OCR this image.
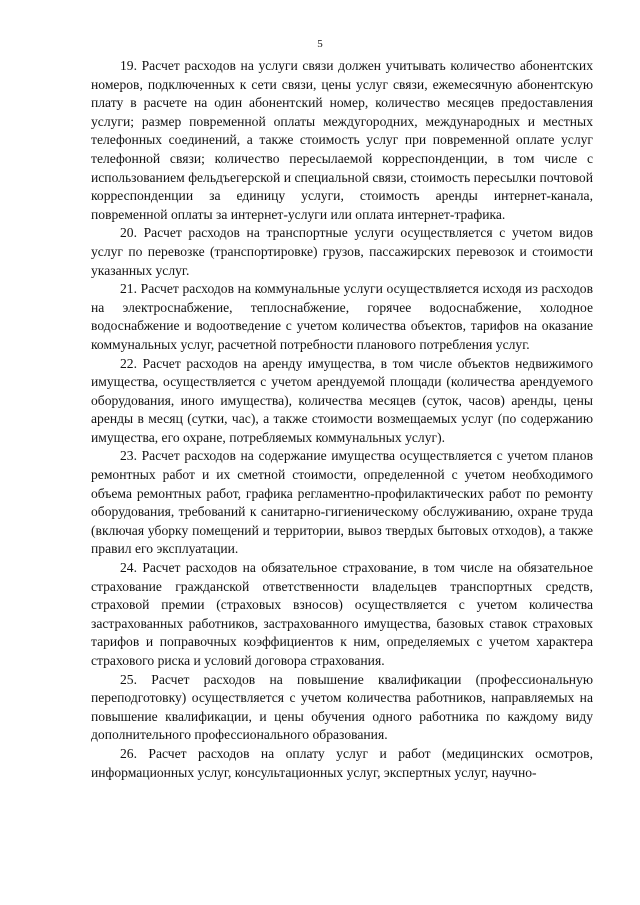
5

19. Расчет расходов на услуги связи должен учитывать количество абонентских номеров, подключенных к сети связи, цены услуг связи, ежемесячную абонентскую плату в расчете на один абонентский номер, количество месяцев предоставления услуги; размер повременной оплаты междугородних, международных и местных телефонных соединений, а также стоимость услуг при повременной оплате услуг телефонной связи; количество пересылаемой корреспонденции, в том числе с использованием фельдъегерской и специальной связи, стоимость пересылки почтовой корреспонденции за единицу услуги, стоимость аренды интернет-канала, повременной оплаты за интернет-услуги или оплата интернет-трафика.

20. Расчет расходов на транспортные услуги осуществляется с учетом видов услуг по перевозке (транспортировке) грузов, пассажирских перевозок и стоимости указанных услуг.

21. Расчет расходов на коммунальные услуги осуществляется исходя из расходов на электроснабжение, теплоснабжение, горячее водоснабжение, холодное водоснабжение и водоотведение с учетом количества объектов, тарифов на оказание коммунальных услуг, расчетной потребности планового потребления услуг.

22. Расчет расходов на аренду имущества, в том числе объектов недвижимого имущества, осуществляется с учетом арендуемой площади (количества арендуемого оборудования, иного имущества), количества месяцев (суток, часов) аренды, цены аренды в месяц (сутки, час), а также стоимости возмещаемых услуг (по содержанию имущества, его охране, потребляемых коммунальных услуг).

23. Расчет расходов на содержание имущества осуществляется с учетом планов ремонтных работ и их сметной стоимости, определенной с учетом необходимого объема ремонтных работ, графика регламентно-профилактических работ по ремонту оборудования, требований к санитарно-гигиеническому обслуживанию, охране труда (включая уборку помещений и территории, вывоз твердых бытовых отходов), а также правил его эксплуатации.

24. Расчет расходов на обязательное страхование, в том числе на обязательное страхование гражданской ответственности владельцев транспортных средств, страховой премии (страховых взносов) осуществляется с учетом количества застрахованных работников, застрахованного имущества, базовых ставок страховых тарифов и поправочных коэффициентов к ним, определяемых с учетом характера страхового риска и условий договора страхования.

25. Расчет расходов на повышение квалификации (профессиональную переподготовку) осуществляется с учетом количества работников, направляемых на повышение квалификации, и цены обучения одного работника по каждому виду дополнительного профессионального образования.

26. Расчет расходов на оплату услуг и работ (медицинских осмотров, информационных услуг, консультационных услуг, экспертных услуг, научно-
